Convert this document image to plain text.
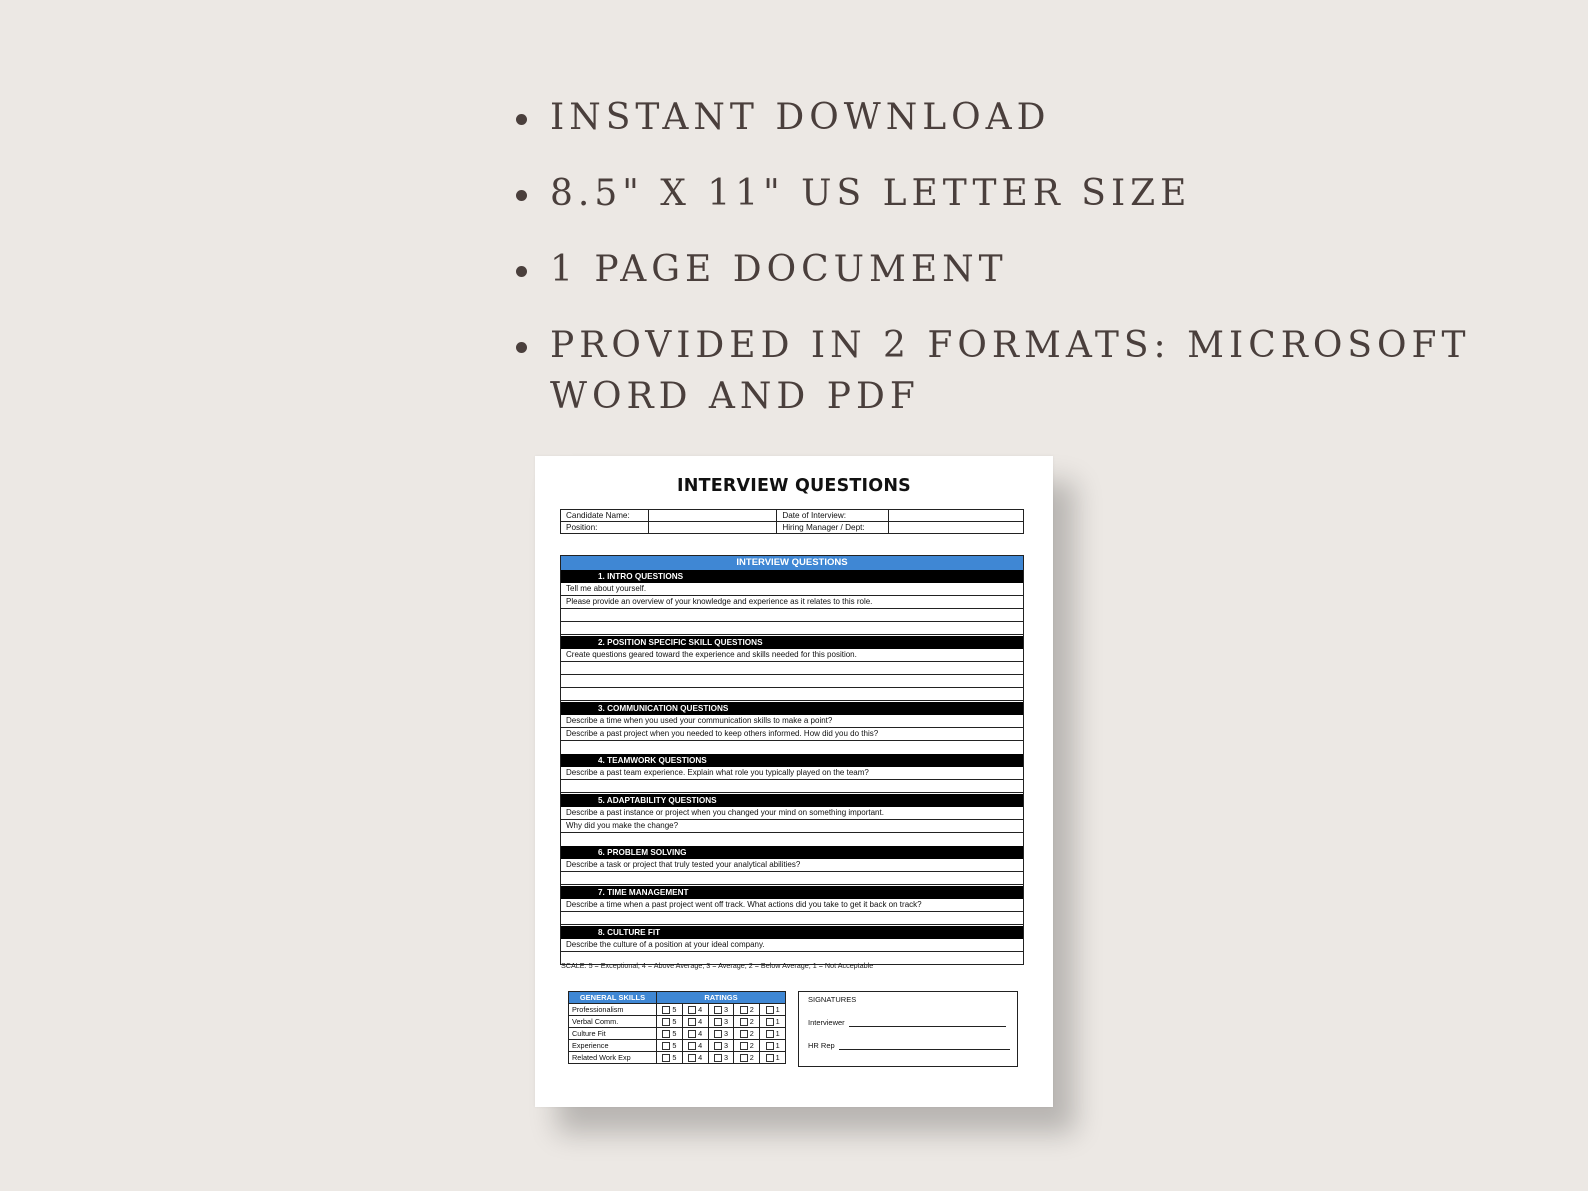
INSTANT DOWNLOAD
8.5" X 11" US LETTER SIZE
1 PAGE DOCUMENT
PROVIDED IN 2 FORMATS: MICROSOFT WORD AND PDF
INTERVIEW QUESTIONS
Candidate Name:		Date of Interview:	
Position:		Hiring Manager / Dept:	
INTERVIEW QUESTIONS
1. INTRO QUESTIONS
Tell me about yourself.
Please provide an overview of your knowledge and experience as it relates to this role.
2. POSITION SPECIFIC SKILL QUESTIONS
Create questions geared toward the experience and skills needed for this position.
3. COMMUNICATION QUESTIONS
Describe a time when you used your communication skills to make a point?
Describe a past project when you needed to keep others informed. How did you do this?
4. TEAMWORK QUESTIONS
Describe a past team experience. Explain what role you typically played on the team?
5. ADAPTABILITY QUESTIONS
Describe a past instance or project when you changed your mind on something important.
Why did you make the change?
6. PROBLEM SOLVING
Describe a task or project that truly tested your analytical abilities?
7. TIME MANAGEMENT
Describe a time when a past project went off track. What actions did you take to get it back on track?
8. CULTURE FIT
Describe the culture of a position at your ideal company.
SCALE: 5 = Exceptional, 4 = Above Average, 3 = Average, 2 = Below Average, 1 = Not Acceptable
GENERAL SKILLS	RATINGS				
Professionalism	5	4	3	2	1
Verbal Comm.	5	4	3	2	1
Culture Fit	5	4	3	2	1
Experience	5	4	3	2	1
Related Work Exp	5	4	3	2	1
SIGNATURES
Interviewer
HR Rep
